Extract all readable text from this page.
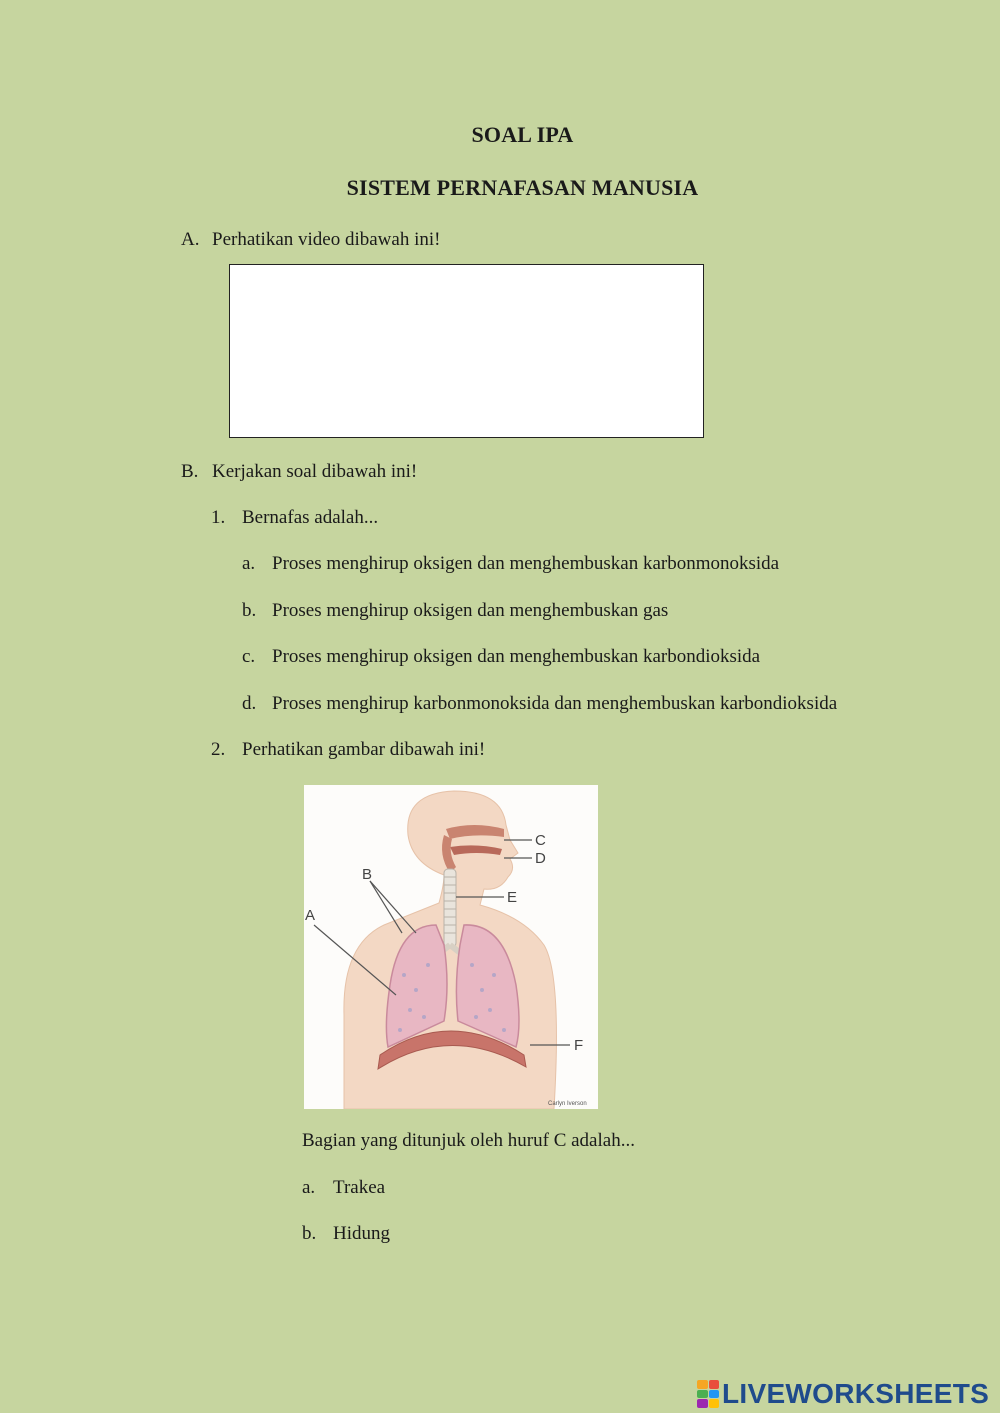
SOAL IPA
SISTEM PERNAFASAN MANUSIA
A. Perhatikan video dibawah ini!
B. Kerjakan soal dibawah ini!
1. Bernafas adalah...
a. Proses menghirup oksigen dan menghembuskan karbonmonoksida
b. Proses menghirup oksigen dan menghembuskan gas
c. Proses menghirup oksigen dan menghembuskan karbondioksida
d. Proses menghirup karbonmonoksida dan menghembuskan karbondioksida
2. Perhatikan gambar dibawah ini!
C
D
E
B
A
F
Carlyn Iverson
Bagian yang ditunjuk oleh huruf C adalah...
a. Trakea
b. Hidung
LIVEWORKSHEETS
